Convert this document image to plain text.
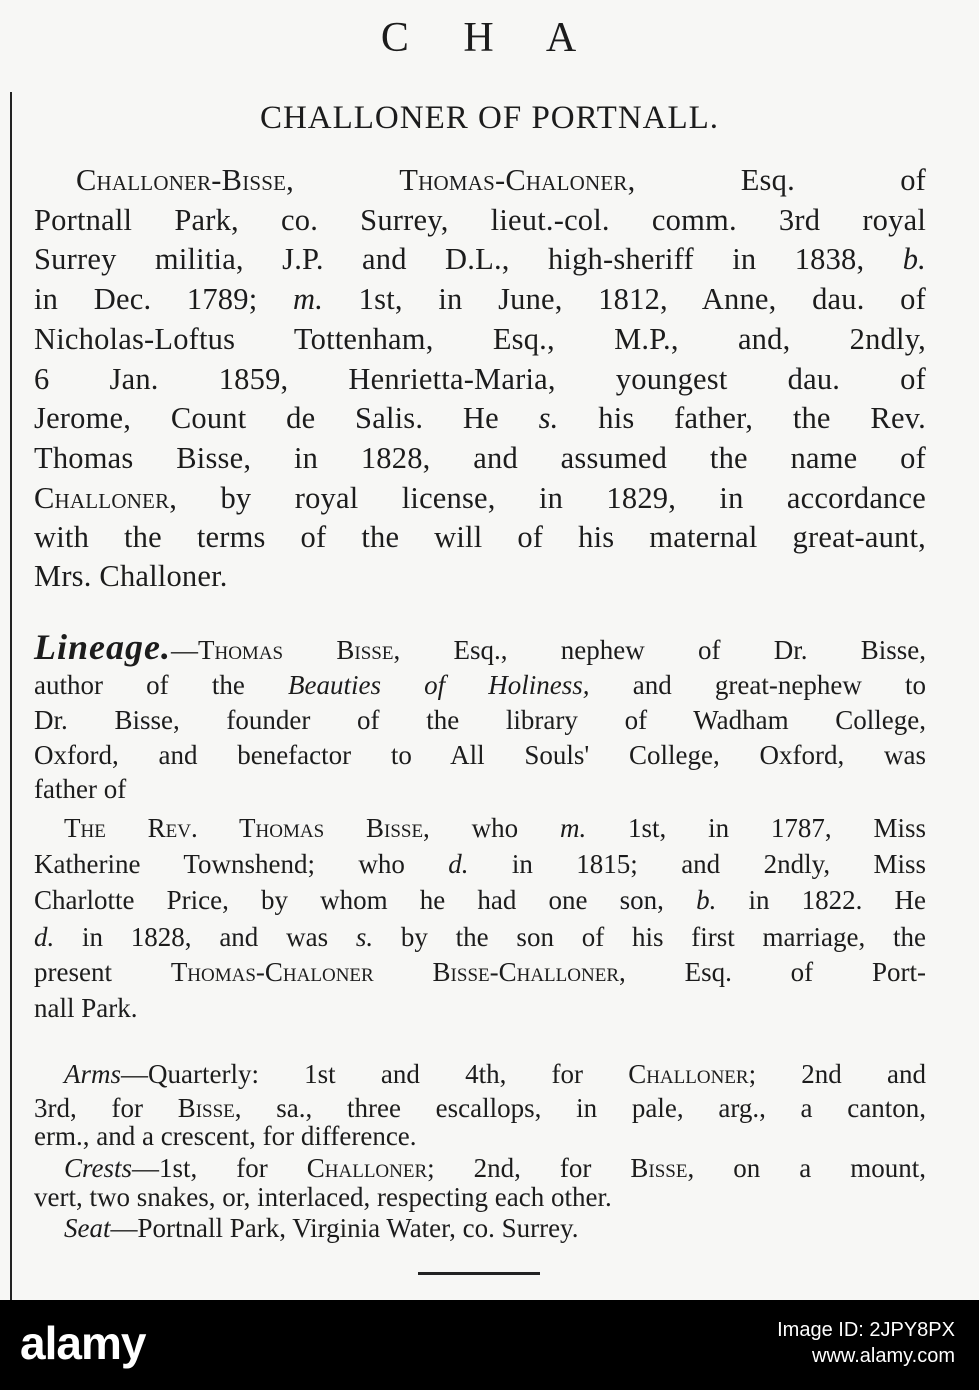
C H A
CHALLONER OF PORTNALL.
Challoner-Bisse,	Thomas-Chaloner, Esq. of
Portnall Park, co. Surrey, lieut.-col. comm. 3rd royal
Surrey militia, J.P. and D.L., high-sheriff in 1838, b.
in Dec. 1789; m. 1st, in June, 1812, Anne, dau. of
Nicholas-Loftus Tottenham, Esq., M.P., and, 2ndly,
6 Jan. 1859, Henrietta-Maria, youngest dau. of
Jerome, Count de Salis. He s. his father, the Rev.
Thomas Bisse, in 1828, and assumed the name of
Challoner, by royal license, in 1829, in accordance
with the terms of the will of his maternal great-aunt,
Mrs. Challoner.
Lineage.—Thomas Bisse, Esq., nephew of Dr. Bisse,
author of the Beauties of Holiness, and great-nephew to
Dr. Bisse, founder of the library of Wadham College,
Oxford, and benefactor to All Souls' College, Oxford, was
father of
The Rev. Thomas Bisse, who m. 1st, in 1787, Miss
Katherine Townshend; who d. in 1815; and 2ndly, Miss
Charlotte Price, by whom he had one son, b. in 1822. He
d. in 1828, and was s. by the son of his first marriage, the
present Thomas-Chaloner Bisse-Challoner, Esq. of Port-
nall Park.
Arms—Quarterly: 1st and 4th, for Challoner; 2nd and
3rd, for Bisse, sa., three escallops, in pale, arg., a canton,
erm., and a crescent, for difference.
Crests—1st, for Challoner; 2nd, for Bisse, on a mount,
vert, two snakes, or, interlaced, respecting each other.
Seat—Portnall Park, Virginia Water, co. Surrey.
alamy	Image ID: 2JPY8PX
www.alamy.com
